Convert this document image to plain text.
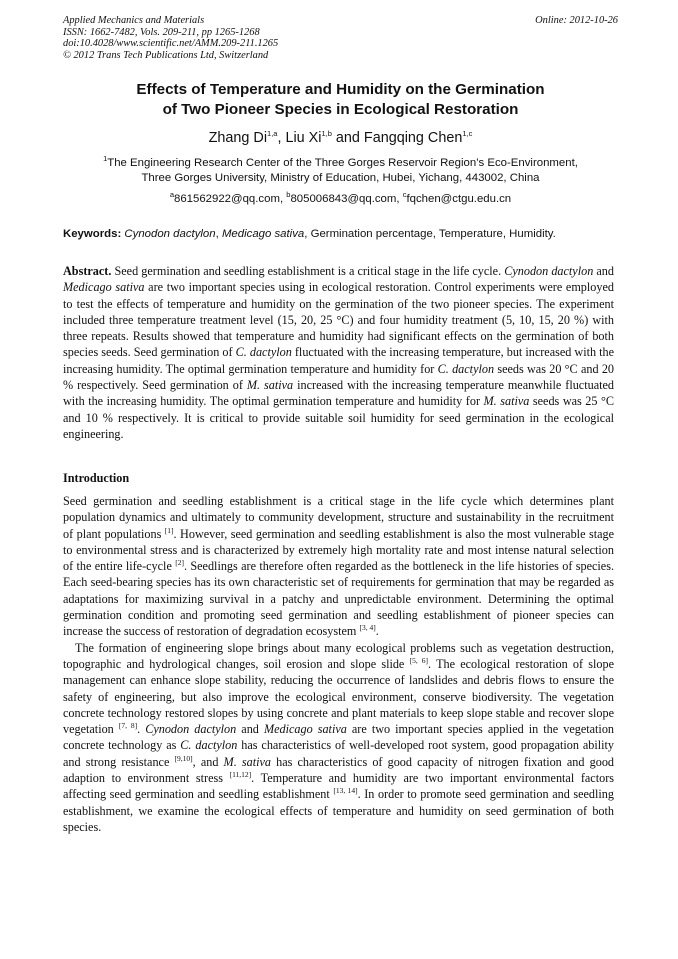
Applied Mechanics and Materials
ISSN: 1662-7482, Vols. 209-211, pp 1265-1268
doi:10.4028/www.scientific.net/AMM.209-211.1265
© 2012 Trans Tech Publications Ltd, Switzerland
Online: 2012-10-26
Effects of Temperature and Humidity on the Germination
of Two Pioneer Species in Ecological Restoration
Zhang Di$^{1,a}$, Liu Xi$^{1,b}$ and Fangqing Chen$^{1,c}$
$^1$The Engineering Research Center of the Three Gorges Reservoir Region’s Eco-Environment,
Three Gorges University, Ministry of Education, Hubei, Yichang, 443002, China
$^a$861562922@qq.com, $^b$805006843@qq.com, $^c$fqchen@ctgu.edu.cn
Keywords: Cynodon dactylon, Medicago sativa, Germination percentage, Temperature, Humidity.

Abstract. Seed germination and seedling establishment is a critical stage in the life cycle. Cynodon dactylon and Medicago sativa are two important species using in ecological restoration. Control experiments were employed to test the effects of temperature and humidity on the germination of the two pioneer species. The experiment included three temperature treatment level (15, 20, 25 °C) and four humidity treatment (5, 10, 15, 20 %) with three repeats. Results showed that temperature and humidity had significant effects on the germination of both species seeds. Seed germination of C. dactylon fluctuated with the increasing temperature, but increased with the increasing humidity. The optimal germination temperature and humidity for C. dactylon seeds was 20 °C and 20 % respectively. Seed germination of M. sativa increased with the increasing temperature meanwhile fluctuated with the increasing humidity. The optimal germination temperature and humidity for M. sativa seeds was 25 °C and 10 % respectively. It is critical to provide suitable soil humidity for seed germination in the ecological engineering.

Introduction

Seed germination and seedling establishment is a critical stage in the life cycle which determines plant population dynamics and ultimately to community development, structure and sustainability in the recruitment of plant populations [1]. However, seed germination and seedling establishment is also the most vulnerable stage to environmental stress and is characterized by extremely high mortality rate and most intense natural selection of the entire life-cycle [2]. Seedlings are therefore often regarded as the bottleneck in the life histories of species. Each seed-bearing species has its own characteristic set of requirements for germination that may be regarded as adaptations for maximizing survival in a patchy and unpredictable environment. Determining the optimal germination condition and promoting seed germination and seedling establishment of pioneer species can increase the success of restoration of degradation ecosystem [3, 4].

The formation of engineering slope brings about many ecological problems such as vegetation destruction, topographic and hydrological changes, soil erosion and slope slide [5, 6]. The ecological restoration of slope management can enhance slope stability, reducing the occurrence of landslides and debris flows to ensure the safety of engineering, but also improve the ecological environment, conserve biodiversity. The vegetation concrete technology restored slopes by using concrete and plant materials to keep slope stable and recover slope vegetation [7, 8]. Cynodon dactylon and Medicago sativa are two important species applied in the vegetation concrete technology as C. dactylon has characteristics of well-developed root system, good propagation ability and strong resistance [9,10], and M. sativa has characteristics of good capacity of nitrogen fixation and good adaption to environment stress [11,12]. Temperature and humidity are two important environmental factors affecting seed germination and seedling establishment [13, 14]. In order to promote seed germination and seedling establishment, we examine the ecological effects of temperature and humidity on seed germination of both species.
